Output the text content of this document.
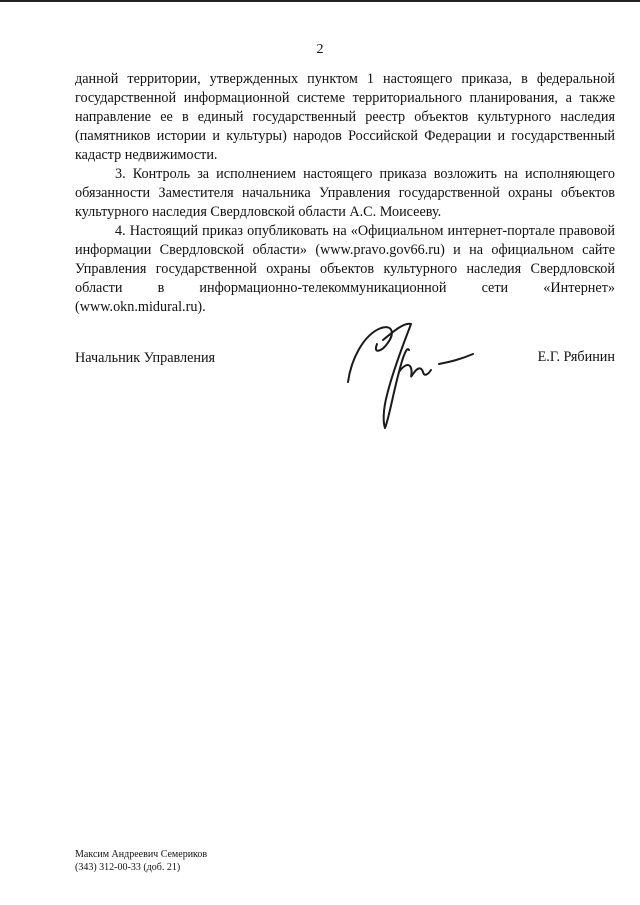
2

данной территории, утвержденных пунктом 1 настоящего приказа, в федеральной государственной информационной системе территориального планирования, а также направление ее в единый государственный реестр объектов культурного наследия (памятников истории и культуры) народов Российской Федерации и государственный кадастр недвижимости.

3. Контроль за исполнением настоящего приказа возложить на исполняющего обязанности Заместителя начальника Управления государственной охраны объектов культурного наследия Свердловской области А.С. Моисееву.

4. Настоящий приказ опубликовать на «Официальном интернет-портале правовой информации Свердловской области» (www.pravo.gov66.ru) и на официальном сайте Управления государственной охраны объектов культурного наследия Свердловской области в информационно-телекоммуникационной сети «Интернет» (www.okn.midural.ru).

Начальник Управления	Е.Г. Рябинин
Максим Андреевич Семериков
(343) 312-00-33 (доб. 21)
